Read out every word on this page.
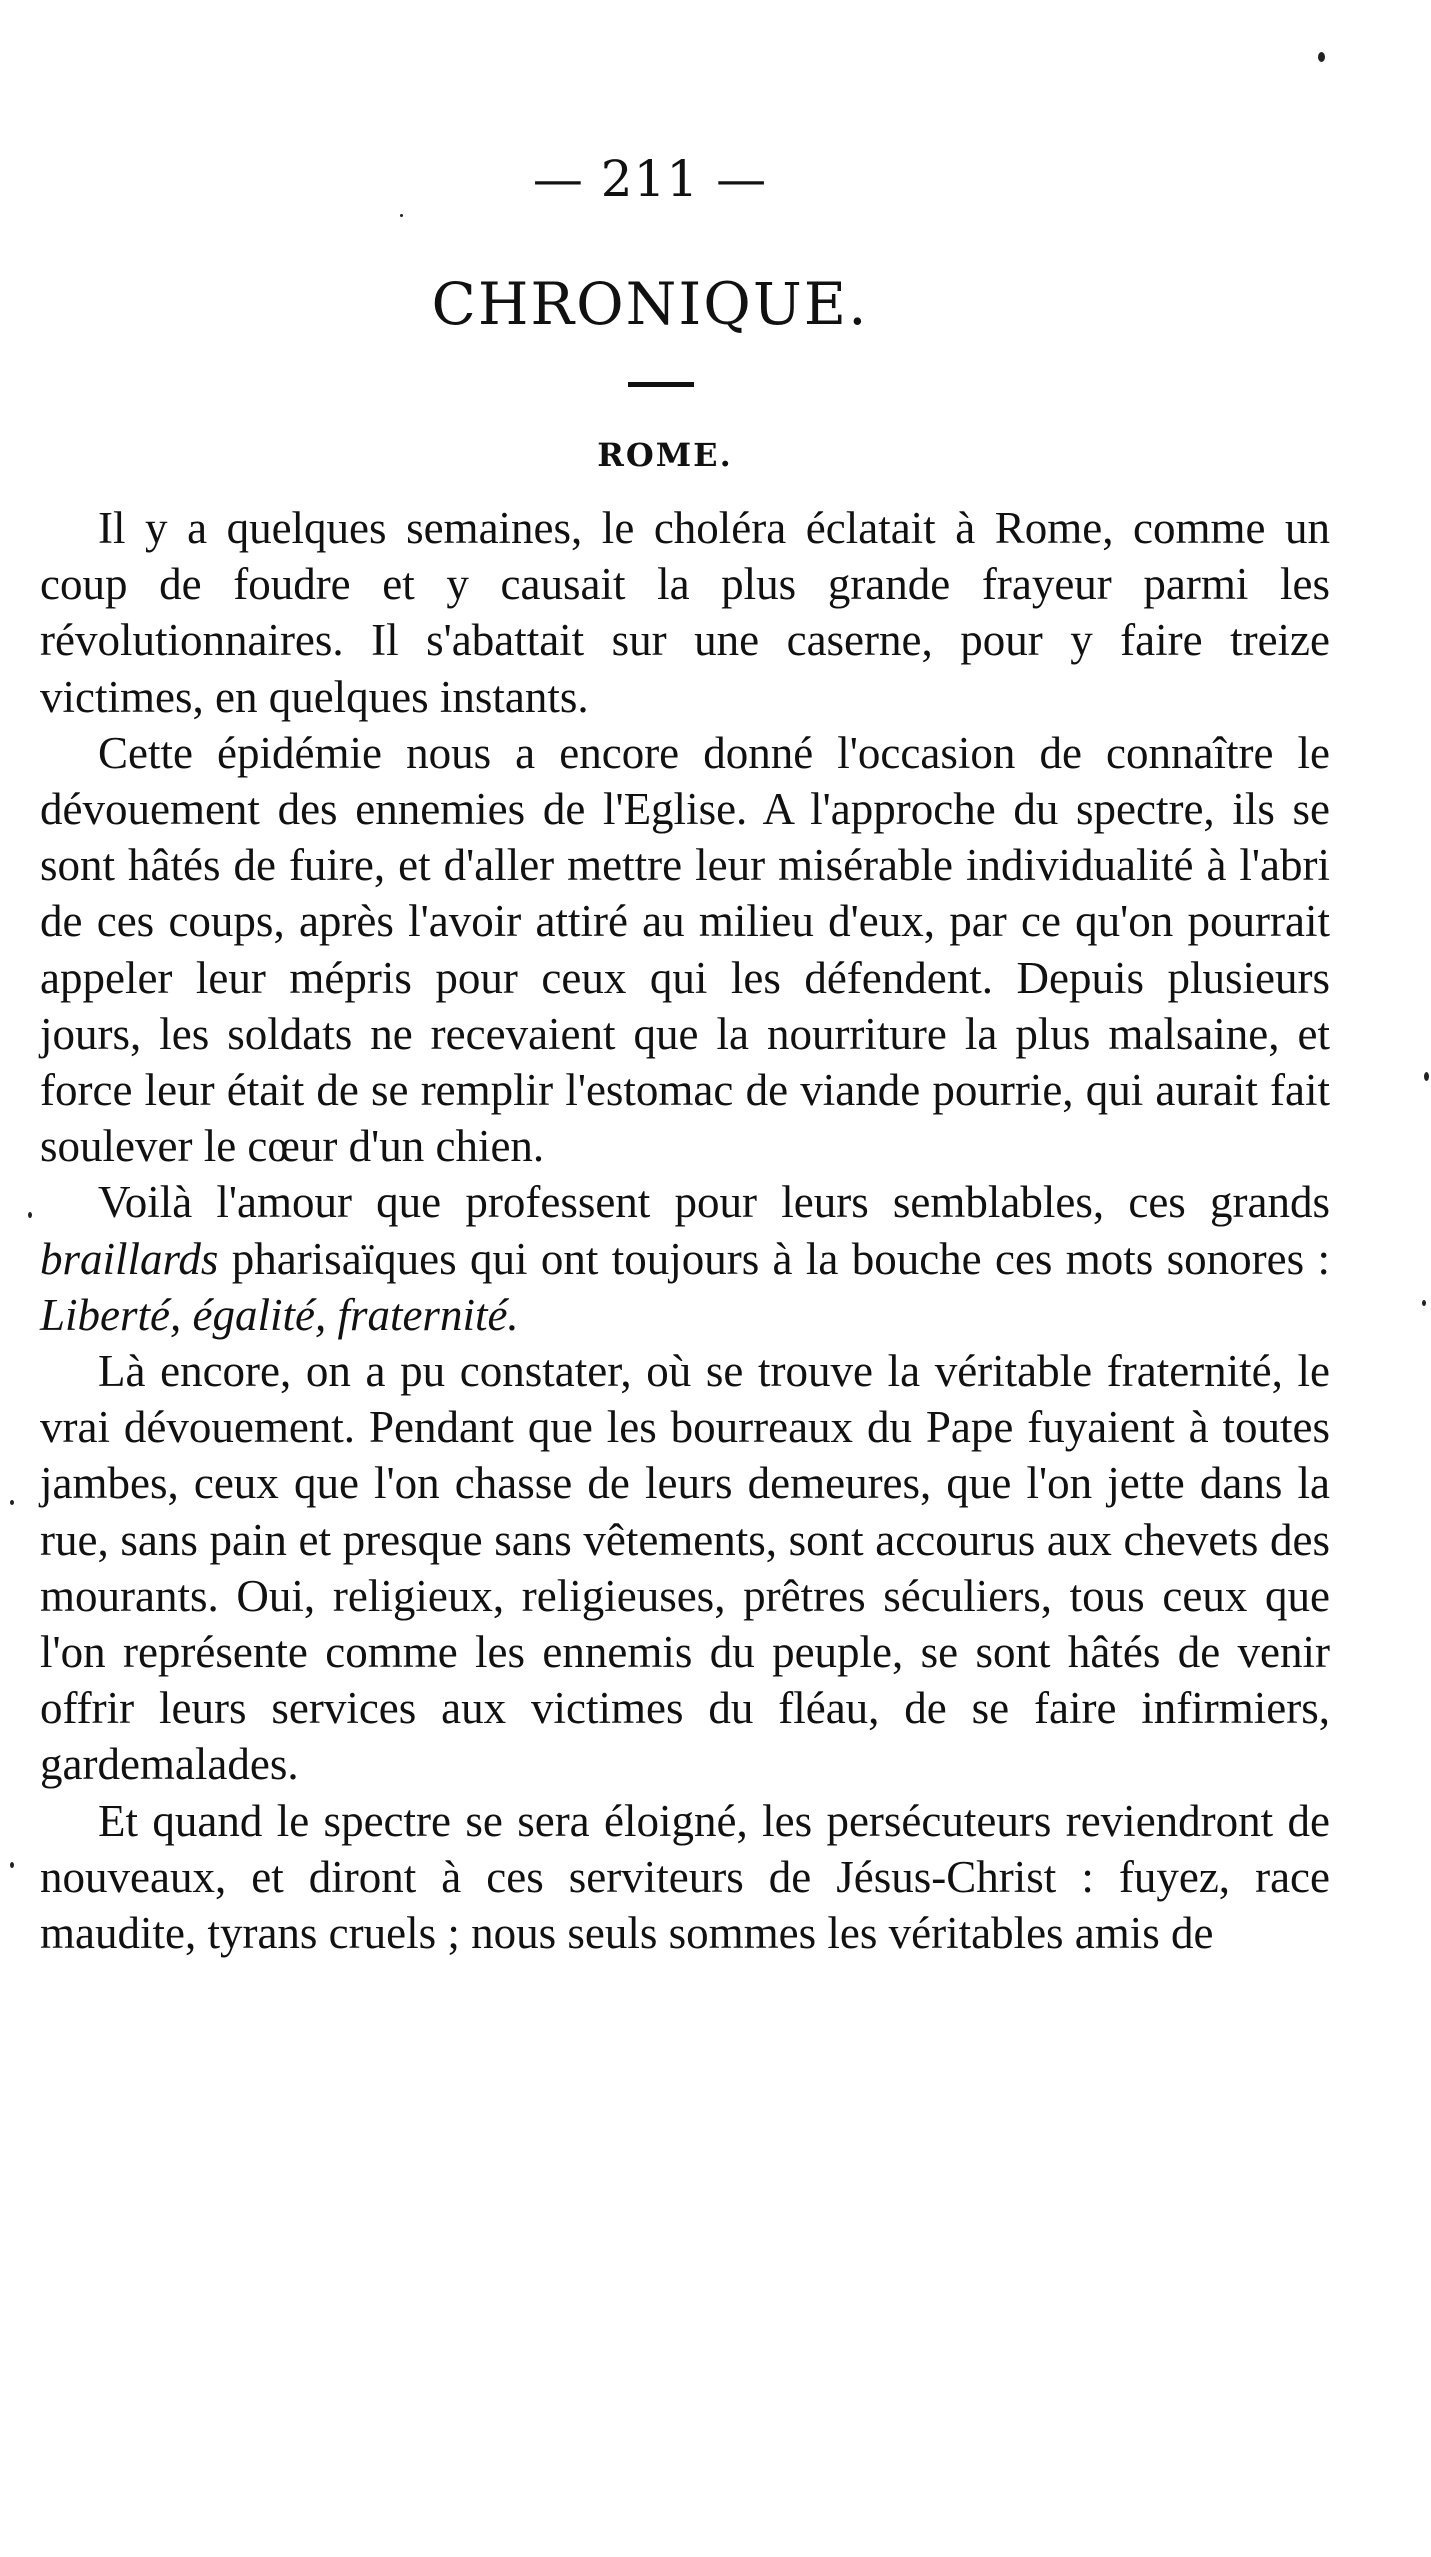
— 211 —
CHRONIQUE.
ROME.

Il y a quelques semaines, le choléra éclatait à Rome, comme un coup de foudre et y causait la plus grande frayeur parmi les révolutionnaires. Il s'abattait sur une caserne, pour y faire treize victimes, en quelques instants.

Cette épidémie nous a encore donné l'occasion de connaître le dévouement des ennemies de l'Eglise. A l'approche du spectre, ils se sont hâtés de fuire, et d'aller mettre leur misérable individualité à l'abri de ces coups, après l'avoir attiré au milieu d'eux, par ce qu'on pourrait appeler leur mépris pour ceux qui les défendent. Depuis plusieurs jours, les soldats ne recevaient que la nourriture la plus malsaine, et force leur était de se remplir l'estomac de viande pourrie, qui aurait fait soulever le cœur d'un chien.

Voilà l'amour que professent pour leurs semblables, ces grands braillards pharisaïques qui ont toujours à la bouche ces mots sonores : Liberté, égalité, fraternité.

Là encore, on a pu constater, où se trouve la véritable fraternité, le vrai dévouement. Pendant que les bourreaux du Pape fuyaient à toutes jambes, ceux que l'on chasse de leurs demeures, que l'on jette dans la rue, sans pain et presque sans vêtements, sont accourus aux chevets des mourants. Oui, religieux, religieuses, prêtres séculiers, tous ceux que l'on représente comme les ennemis du peuple, se sont hâtés de venir offrir leurs services aux victimes du fléau, de se faire infirmiers, gardemalades.

Et quand le spectre se sera éloigné, les persécuteurs reviendront de nouveaux, et diront à ces serviteurs de Jésus-Christ : fuyez, race maudite, tyrans cruels ; nous seuls sommes les véritables amis de
